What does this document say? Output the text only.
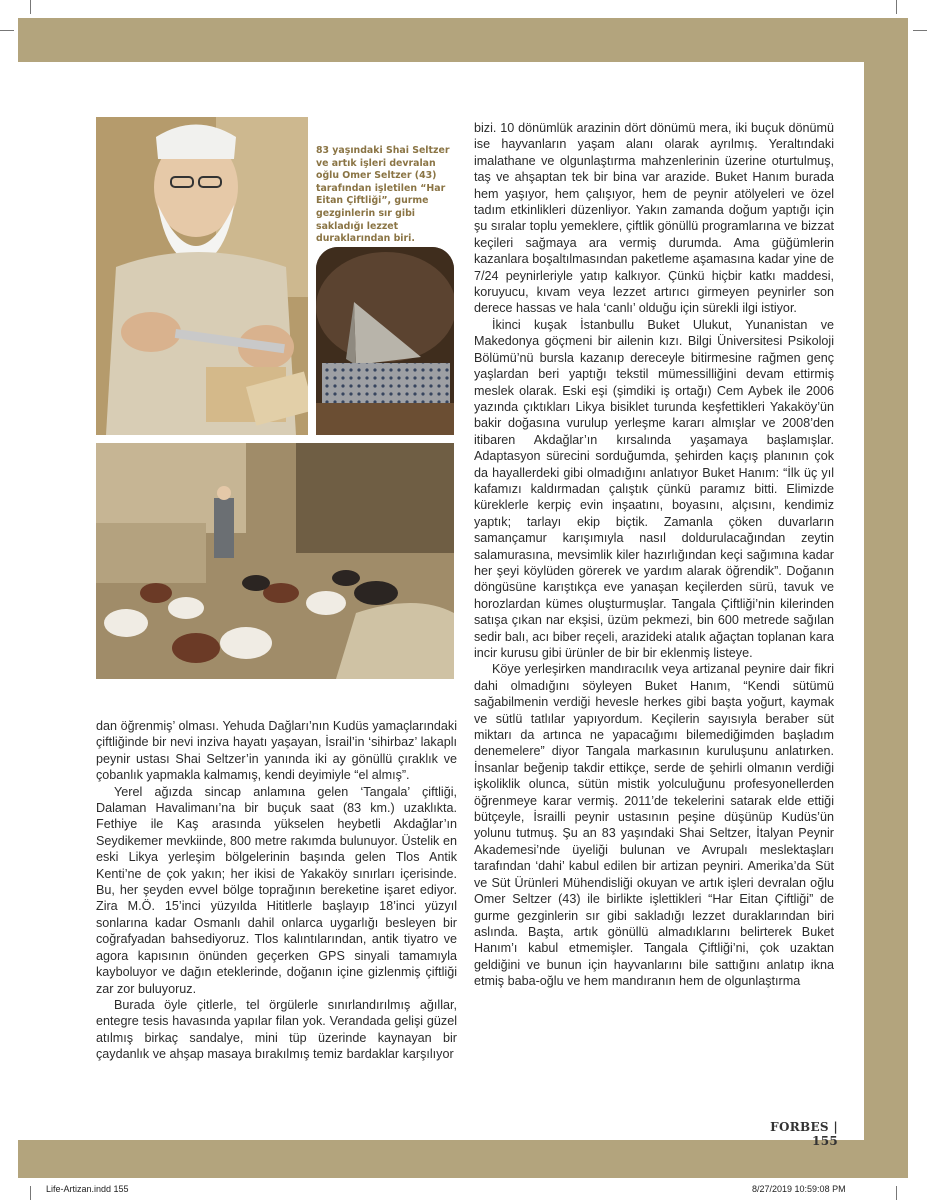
83 yaşındaki Shai Seltzer ve artık işleri devralan oğlu Omer Seltzer (43) tarafından işletilen “Har Eitan Çiftliği”, gurme gezginlerin sır gibi sakladığı lezzet duraklarından biri.

dan öğrenmiş’ olması. Yehuda Dağları’nın Kudüs yamaçlarındaki çiftliğinde bir nevi inziva hayatı yaşayan, İsrail’in ‘sihirbaz’ lakaplı peynir ustası Shai Seltzer’in yanında iki ay gönüllü çıraklık ve çobanlık yapmakla kalmamış, kendi deyimiyle “el almış”.

Yerel ağızda sincap anlamına gelen ‘Tangala’ çiftliği, Dalaman Havalimanı’na bir buçuk saat (83 km.) uzaklıkta. Fethiye ile Kaş arasında yükselen heybetli Akdağlar’ın Seydikemer mevkiinde, 800 metre rakımda bulunuyor. Üstelik en eski Likya yerleşim bölgelerinin başında gelen Tlos Antik Kenti’ne de çok yakın; her ikisi de Yakaköy sınırları içerisinde. Bu, her şeyden evvel bölge toprağının bereketine işaret ediyor. Zira M.Ö. 15’inci yüzyılda Hititlerle başlayıp 18’inci yüzyıl sonlarına kadar Osmanlı dahil onlarca uygarlığı besleyen bir coğrafyadan bahsediyoruz. Tlos kalıntılarından, antik tiyatro ve agora kapısının önünden geçerken GPS sinyali tamamıyla kayboluyor ve dağın eteklerinde, doğanın içine gizlenmiş çiftliği zar zor buluyoruz.

Burada öyle çitlerle, tel örgülerle sınırlandırılmış ağıllar, entegre tesis havasında yapılar filan yok. Verandada gelişi güzel atılmış birkaç sandalye, mini tüp üzerinde kaynayan bir çaydanlık ve ahşap masaya bırakılmış temiz bardaklar karşılıyor

bizi. 10 dönümlük arazinin dört dönümü mera, iki buçuk dönümü ise hayvanların yaşam alanı olarak ayrılmış. Yeraltındaki imalathane ve olgunlaştırma mahzenlerinin üzerine oturtulmuş, taş ve ahşaptan tek bir bina var arazide. Buket Hanım burada hem yaşıyor, hem çalışıyor, hem de peynir atölyeleri ve özel tadım etkinlikleri düzenliyor. Yakın zamanda doğum yaptığı için şu sıralar toplu yemeklere, çiftlik gönüllü programlarına ve bizzat keçileri sağmaya ara vermiş durumda. Ama güğümlerin kazanlara boşaltılmasından paketleme aşamasına kadar yine de 7/24 peynirleriyle yatıp kalkıyor. Çünkü hiçbir katkı maddesi, koruyucu, kıvam veya lezzet artırıcı girmeyen peynirler son derece hassas ve hala ‘canlı’ olduğu için sürekli ilgi istiyor.

İkinci kuşak İstanbullu Buket Ulukut, Yunanistan ve Makedonya göçmeni bir ailenin kızı. Bilgi Üniversitesi Psikoloji Bölümü’nü bursla kazanıp dereceyle bitirmesine rağmen genç yaşlardan beri yaptığı tekstil mümessilliğini devam ettirmiş meslek olarak. Eski eşi (şimdiki iş ortağı) Cem Aybek ile 2006 yazında çıktıkları Likya bisiklet turunda keşfettikleri Yakaköy’ün bakir doğasına vurulup yerleşme kararı almışlar ve 2008’den itibaren Akdağlar’ın kırsalında yaşamaya başlamışlar. Adaptasyon sürecini sorduğumda, şehirden kaçış planının çok da hayallerdeki gibi olmadığını anlatıyor Buket Hanım: “İlk üç yıl kafamızı kaldırmadan çalıştık çünkü paramız bitti. Elimizde küreklerle kerpiç evin inşaatını, boyasını, alçısını, kendimiz yaptık; tarlayı ekip biçtik. Zamanla çöken duvarların samançamur karışımıyla nasıl doldurulacağından zeytin salamurasına, mevsimlik kiler hazırlığından keçi sağımına kadar her şeyi köylüden görerek ve yardım alarak öğrendik”. Doğanın döngüsüne karıştıkça eve yanaşan keçilerden sürü, tavuk ve horozlardan kümes oluşturmuşlar. Tangala Çiftliği’nin kilerinden satışa çıkan nar ekşisi, üzüm pekmezi, bin 600 metrede sağılan sedir balı, acı biber reçeli, arazideki atalık ağaçtan toplanan kara incir kurusu gibi ürünler de bir bir eklenmiş listeye.

Köye yerleşirken mandıracılık veya artizanal peynire dair fikri dahi olmadığını söyleyen Buket Hanım, “Kendi sütümü sağabilmenin verdiği hevesle herkes gibi başta yoğurt, kaymak ve sütlü tatlılar yapıyordum. Keçilerin sayısıyla beraber süt miktarı da artınca ne yapacağımı bilemediğimden başladım denemelere” diyor Tangala markasının kuruluşunu anlatırken. İnsanlar beğenip takdir ettikçe, serde de şehirli olmanın verdiği işkoliklik olunca, sütün mistik yolculuğunu profesyonellerden öğrenmeye karar vermiş. 2011’de tekelerini satarak elde ettiği bütçeyle, İsrailli peynir ustasının peşine düşünüp Kudüs’ün yolunu tutmuş. Şu an 83 yaşındaki Shai Seltzer, İtalyan Peynir Akademesi’nde üyeliği bulunan ve Avrupalı meslektaşları tarafından ‘dahi’ kabul edilen bir artizan peyniri. Amerika’da Süt ve Süt Ürünleri Mühendisliği okuyan ve artık işleri devralan oğlu Omer Seltzer (43) ile birlikte işlettikleri “Har Eitan Çiftliği” de gurme gezginlerin sır gibi sakladığı lezzet duraklarından biri aslında. Başta, artık gönüllü almadıklarını belirterek Buket Hanım’ı kabul etmemişler. Tangala Çiftliği’ni, çok uzaktan geldiğini ve bunun için hayvanlarını bile sattığını anlatıp ikna etmiş baba-oğlu ve hem mandıranın hem de olgunlaştırma

FORBES | 155
Life-Artizan.indd 155	8/27/2019 10:59:08 PM
